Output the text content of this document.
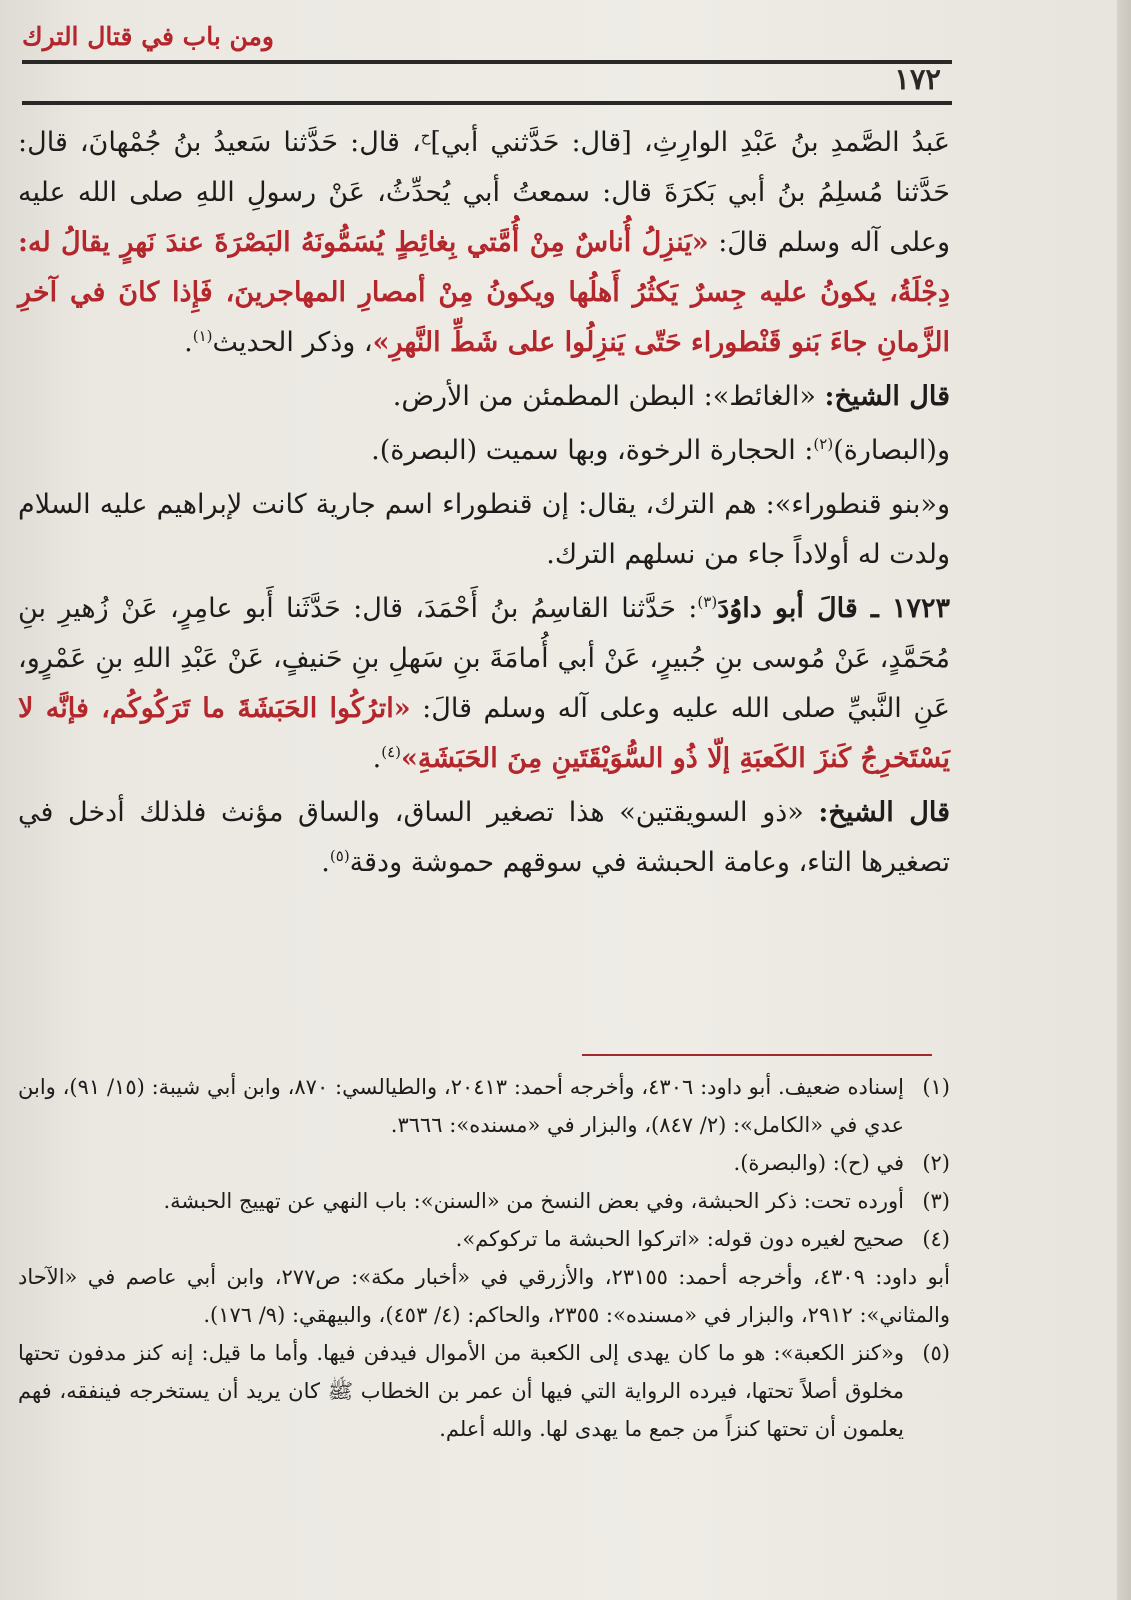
ومن باب في قتال الترك
١٧٢

عَبدُ الصَّمدِ بنُ عَبْدِ الوارِثِ، [قال: حَدَّثني أبي]$^ح$، قال: حَدَّثنا سَعيدُ بنُ جُمْهانَ، قال: حَدَّثنا مُسلِمُ بنُ أبي بَكرَةَ قال: سمعتُ أبي يُحدِّثُ، عَنْ رسولِ اللهِ صلى الله عليه وعلى آله وسلم قالَ: «يَنزِلُ أُناسٌ مِنْ أُمَّتي بِغائِطٍ يُسَمُّونَهُ البَصْرَةَ عندَ نَهرٍ يقالُ له: دِجْلَةُ، يكونُ عليه جِسرٌ يَكثُرُ أَهلُها ويكونُ مِنْ أمصارِ المهاجرينَ، فَإِذا كانَ في آخرِ الزَّمانِ جاءَ بَنو قَنْطوراء حَتّى يَنزِلُوا على شَطِّ النَّهرِ»، وذكر الحديث$^{(١)}$.

قال الشيخ: «الغائط»: البطن المطمئن من الأرض.

و(البصارة)$^{(٢)}$: الحجارة الرخوة، وبها سميت (البصرة).

و«بنو قنطوراء»: هم الترك، يقال: إن قنطوراء اسم جارية كانت لإبراهيم عليه السلام ولدت له أولاداً جاء من نسلهم الترك.

١٧٢٣ ـ قالَ أبو داوُدَ$^{(٣)}$: حَدَّثنا القاسِمُ بنُ أَحْمَدَ، قال: حَدَّثَنا أَبو عامِرٍ، عَنْ زُهيرِ بنِ مُحَمَّدٍ، عَنْ مُوسى بنِ جُبيرٍ، عَنْ أبي أُمامَةَ بنِ سَهلِ بنِ حَنيفٍ، عَنْ عَبْدِ اللهِ بنِ عَمْرٍو، عَنِ النَّبيِّ صلى الله عليه وعلى آله وسلم قالَ: «اترُكُوا الحَبَشَةَ ما تَرَكُوكُم، فإنَّه لا يَسْتَخرِجُ كَنزَ الكَعبَةِ إلّا ذُو السُّوَيْقَتَينِ مِنَ الحَبَشَةِ»$^{(٤)}$.

قال الشيخ: «ذو السويقتين» هذا تصغير الساق، والساق مؤنث فلذلك أدخل في تصغيرها التاء، وعامة الحبشة في سوقهم حموشة ودقة$^{(٥)}$.

(١)
إسناده ضعيف. أبو داود: ٤٣٠٦، وأخرجه أحمد: ٢٠٤١٣، والطيالسي: ٨٧٠، وابن أبي شيبة: (١٥/ ٩١)، وابن عدي في «الكامل»: (٢/ ٨٤٧)، والبزار في «مسنده»: ٣٦٦٦.
(٢)
في (ح): (والبصرة).
(٣)
أورده تحت: ذكر الحبشة، وفي بعض النسخ من «السنن»: باب النهي عن تهييج الحبشة.
(٤)
صحيح لغيره دون قوله: «اتركوا الحبشة ما تركوكم».
أبو داود: ٤٣٠٩، وأخرجه أحمد: ٢٣١٥٥، والأزرقي في «أخبار مكة»: ص٢٧٧، وابن أبي عاصم في «الآحاد والمثاني»: ٢٩١٢، والبزار في «مسنده»: ٢٣٥٥، والحاكم: (٤/ ٤٥٣)، والبيهقي: (٩/ ١٧٦).
(٥)
و«كنز الكعبة»: هو ما كان يهدى إلى الكعبة من الأموال فيدفن فيها. وأما ما قيل: إنه كنز مدفون تحتها مخلوق أصلاً تحتها، فيرده الرواية التي فيها أن عمر بن الخطاب ﷺ كان يريد أن يستخرجه فينفقه، فهم يعلمون أن تحتها كنزاً من جمع ما يهدى لها. والله أعلم.
